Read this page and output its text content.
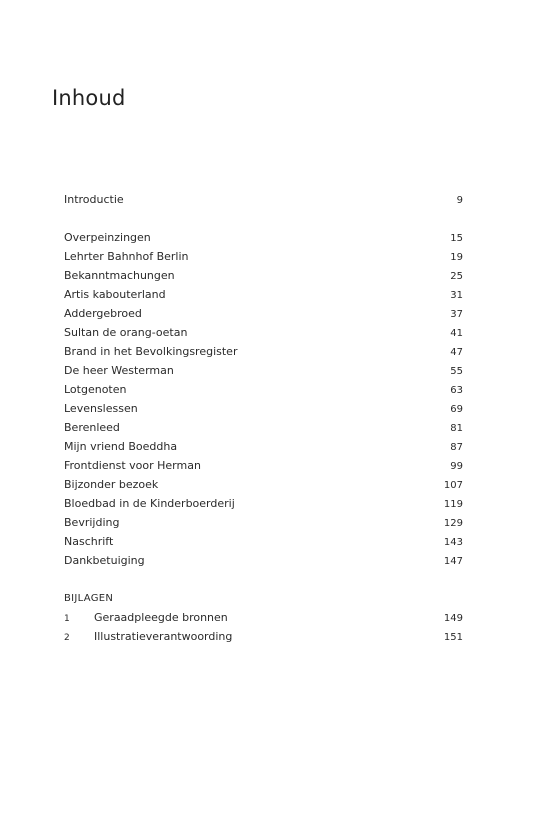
Inhoud
Introductie	9
Overpeinzingen	15
Lehrter Bahnhof Berlin	19
Bekanntmachungen	25
Artis kabouterland	31
Addergebroed	37
Sultan de orang-oetan	41
Brand in het Bevolkingsregister	47
De heer Westerman	55
Lotgenoten	63
Levenslessen	69
Berenleed	81
Mijn vriend Boeddha	87
Frontdienst voor Herman	99
Bijzonder bezoek	107
Bloedbad in de Kinderboerderij	119
Bevrijding	129
Naschrift	143
Dankbetuiging	147
BIJLAGEN
1	Geraadpleegde bronnen	149
2	Illustratieverantwoording	151
